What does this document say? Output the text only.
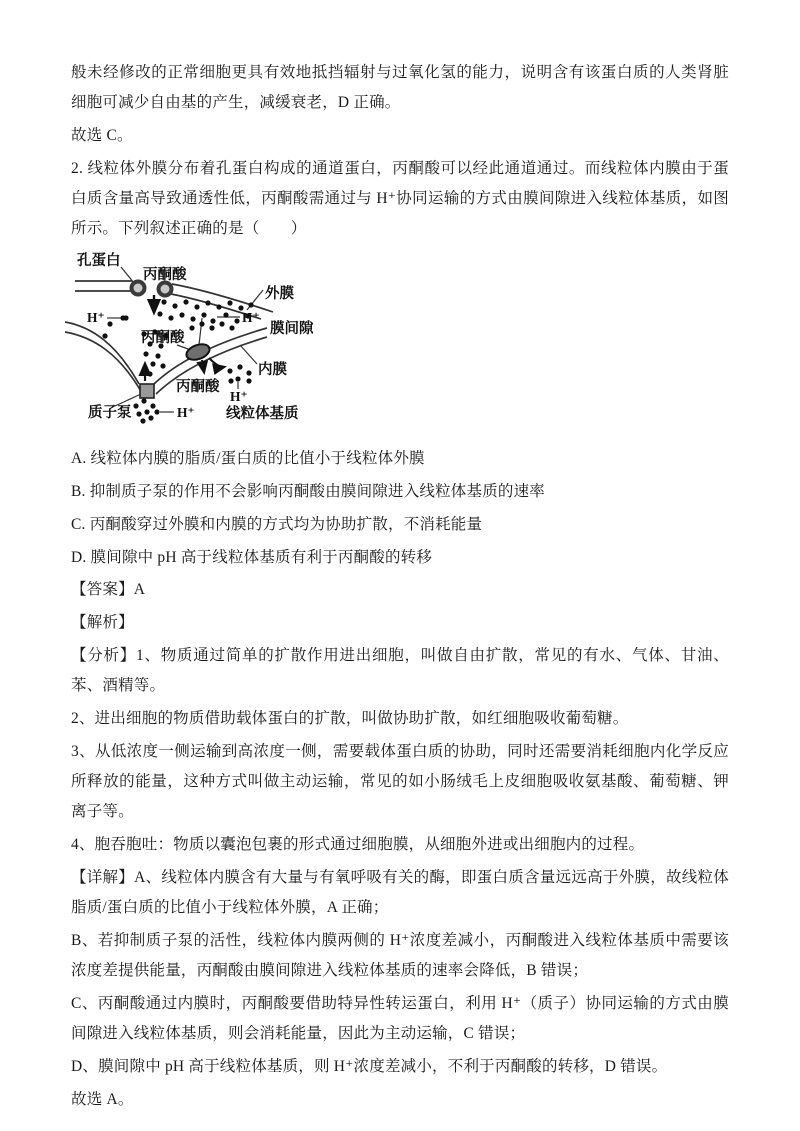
般未经修改的正常细胞更具有效地抵挡辐射与过氧化氢的能力，说明含有该蛋白质的人类肾脏细胞可减少自由基的产生，减缓衰老，D 正确。

故选 C。

2. 线粒体外膜分布着孔蛋白构成的通道蛋白，丙酮酸可以经此通道通过。而线粒体内膜由于蛋白质含量高导致通透性低，丙酮酸需通过与 H⁺协同运输的方式由膜间隙进入线粒体基质，如图所示。下列叙述正确的是（　　）

孔蛋白
丙酮酸
外膜
H⁺	H⁺
膜间隙
丙酮酸
内膜
丙酮酸
H⁺
质子泵	H⁺ 线粒体基质

A. 线粒体内膜的脂质/蛋白质的比值小于线粒体外膜

B. 抑制质子泵的作用不会影响丙酮酸由膜间隙进入线粒体基质的速率

C. 丙酮酸穿过外膜和内膜的方式均为协助扩散，不消耗能量

D. 膜间隙中 pH 高于线粒体基质有利于丙酮酸的转移

【答案】A

【解析】

【分析】1、物质通过简单的扩散作用进出细胞，叫做自由扩散，常见的有水、气体、甘油、苯、酒精等。

2、进出细胞的物质借助载体蛋白的扩散，叫做协助扩散，如红细胞吸收葡萄糖。

3、从低浓度一侧运输到高浓度一侧，需要载体蛋白质的协助，同时还需要消耗细胞内化学反应所释放的能量，这种方式叫做主动运输，常见的如小肠绒毛上皮细胞吸收氨基酸、葡萄糖、钾离子等。

4、胞吞胞吐：物质以囊泡包裹的形式通过细胞膜，从细胞外进或出细胞内的过程。

【详解】A、线粒体内膜含有大量与有氧呼吸有关的酶，即蛋白质含量远远高于外膜，故线粒体脂质/蛋白质的比值小于线粒体外膜，A 正确；

B、若抑制质子泵的活性，线粒体内膜两侧的 H⁺浓度差减小，丙酮酸进入线粒体基质中需要该浓度差提供能量，丙酮酸由膜间隙进入线粒体基质的速率会降低，B 错误；

C、丙酮酸通过内膜时，丙酮酸要借助特异性转运蛋白，利用 H⁺（质子）协同运输的方式由膜间隙进入线粒体基质，则会消耗能量，因此为主动运输，C 错误；

D、膜间隙中 pH 高于线粒体基质，则 H⁺浓度差减小，不利于丙酮酸的转移，D 错误。

故选 A。
